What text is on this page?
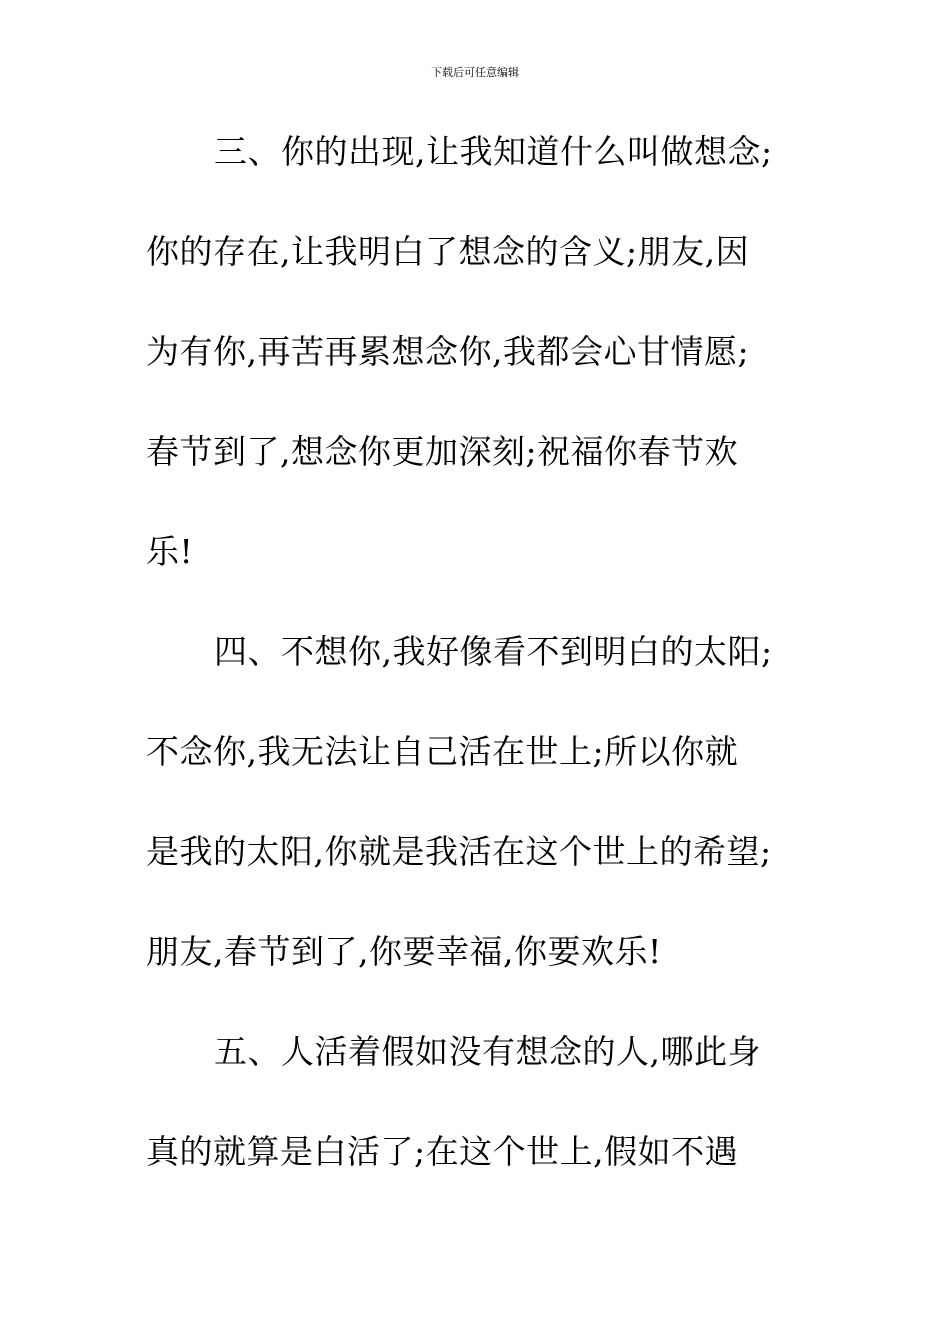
下载后可任意编辑
三、你的出现,让我知道什么叫做想念;
你的存在,让我明白了想念的含义;朋友,因
为有你,再苦再累想念你,我都会心甘情愿;
春节到了,想念你更加深刻;祝福你春节欢
乐!
四、不想你,我好像看不到明白的太阳;
不念你,我无法让自己活在世上;所以你就
是我的太阳,你就是我活在这个世上的希望;
朋友,春节到了,你要幸福,你要欢乐!
五、人活着假如没有想念的人,哪此身
真的就算是白活了;在这个世上,假如不遇
